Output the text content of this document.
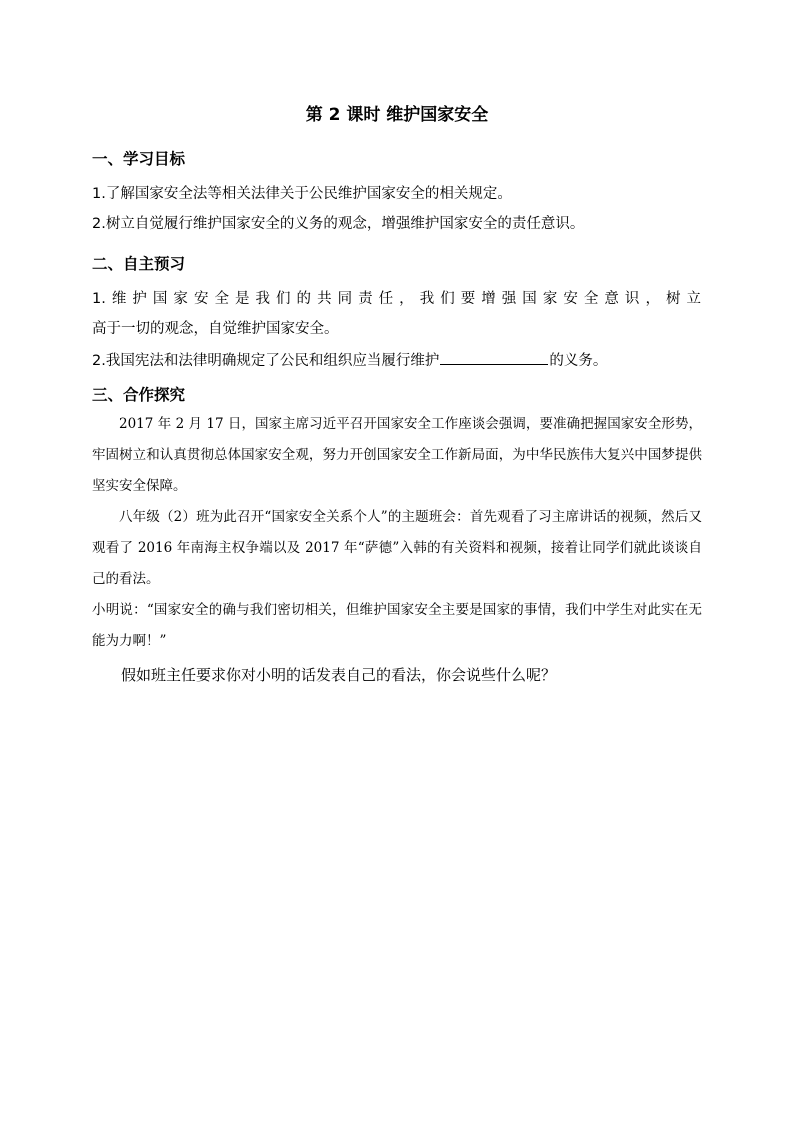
第 2 课时 维护国家安全
一、学习目标
1.了解国家安全法等相关法律关于公民维护国家安全的相关规定。
2.树立自觉履行维护国家安全的义务的观念，增强维护国家安全的责任意识。
二、自主预习
1.维护国家安全是我们的共同责任，我们要增强国家安全意识，树立
高于一切的观念，自觉维护国家安全。
2.我国宪法和法律明确规定了公民和组织应当履行维护	的义务。
三、合作探究
2017 年 2 月 17 日，国家主席习近平召开国家安全工作座谈会强调，要准确把握国家安全形势，牢固树立和认真贯彻总体国家安全观，努力开创国家安全工作新局面，为中华民族伟大复兴中国梦提供坚实安全保障。
八年级（2）班为此召开“国家安全关系个人”的主题班会：首先观看了习主席讲话的视频，然后又观看了 2016 年南海主权争端以及 2017 年“萨德”入韩的有关资料和视频，接着让同学们就此谈谈自己的看法。
小明说：“国家安全的确与我们密切相关，但维护国家安全主要是国家的事情，我们中学生对此实在无能为力啊！”
假如班主任要求你对小明的话发表自己的看法，你会说些什么呢？
